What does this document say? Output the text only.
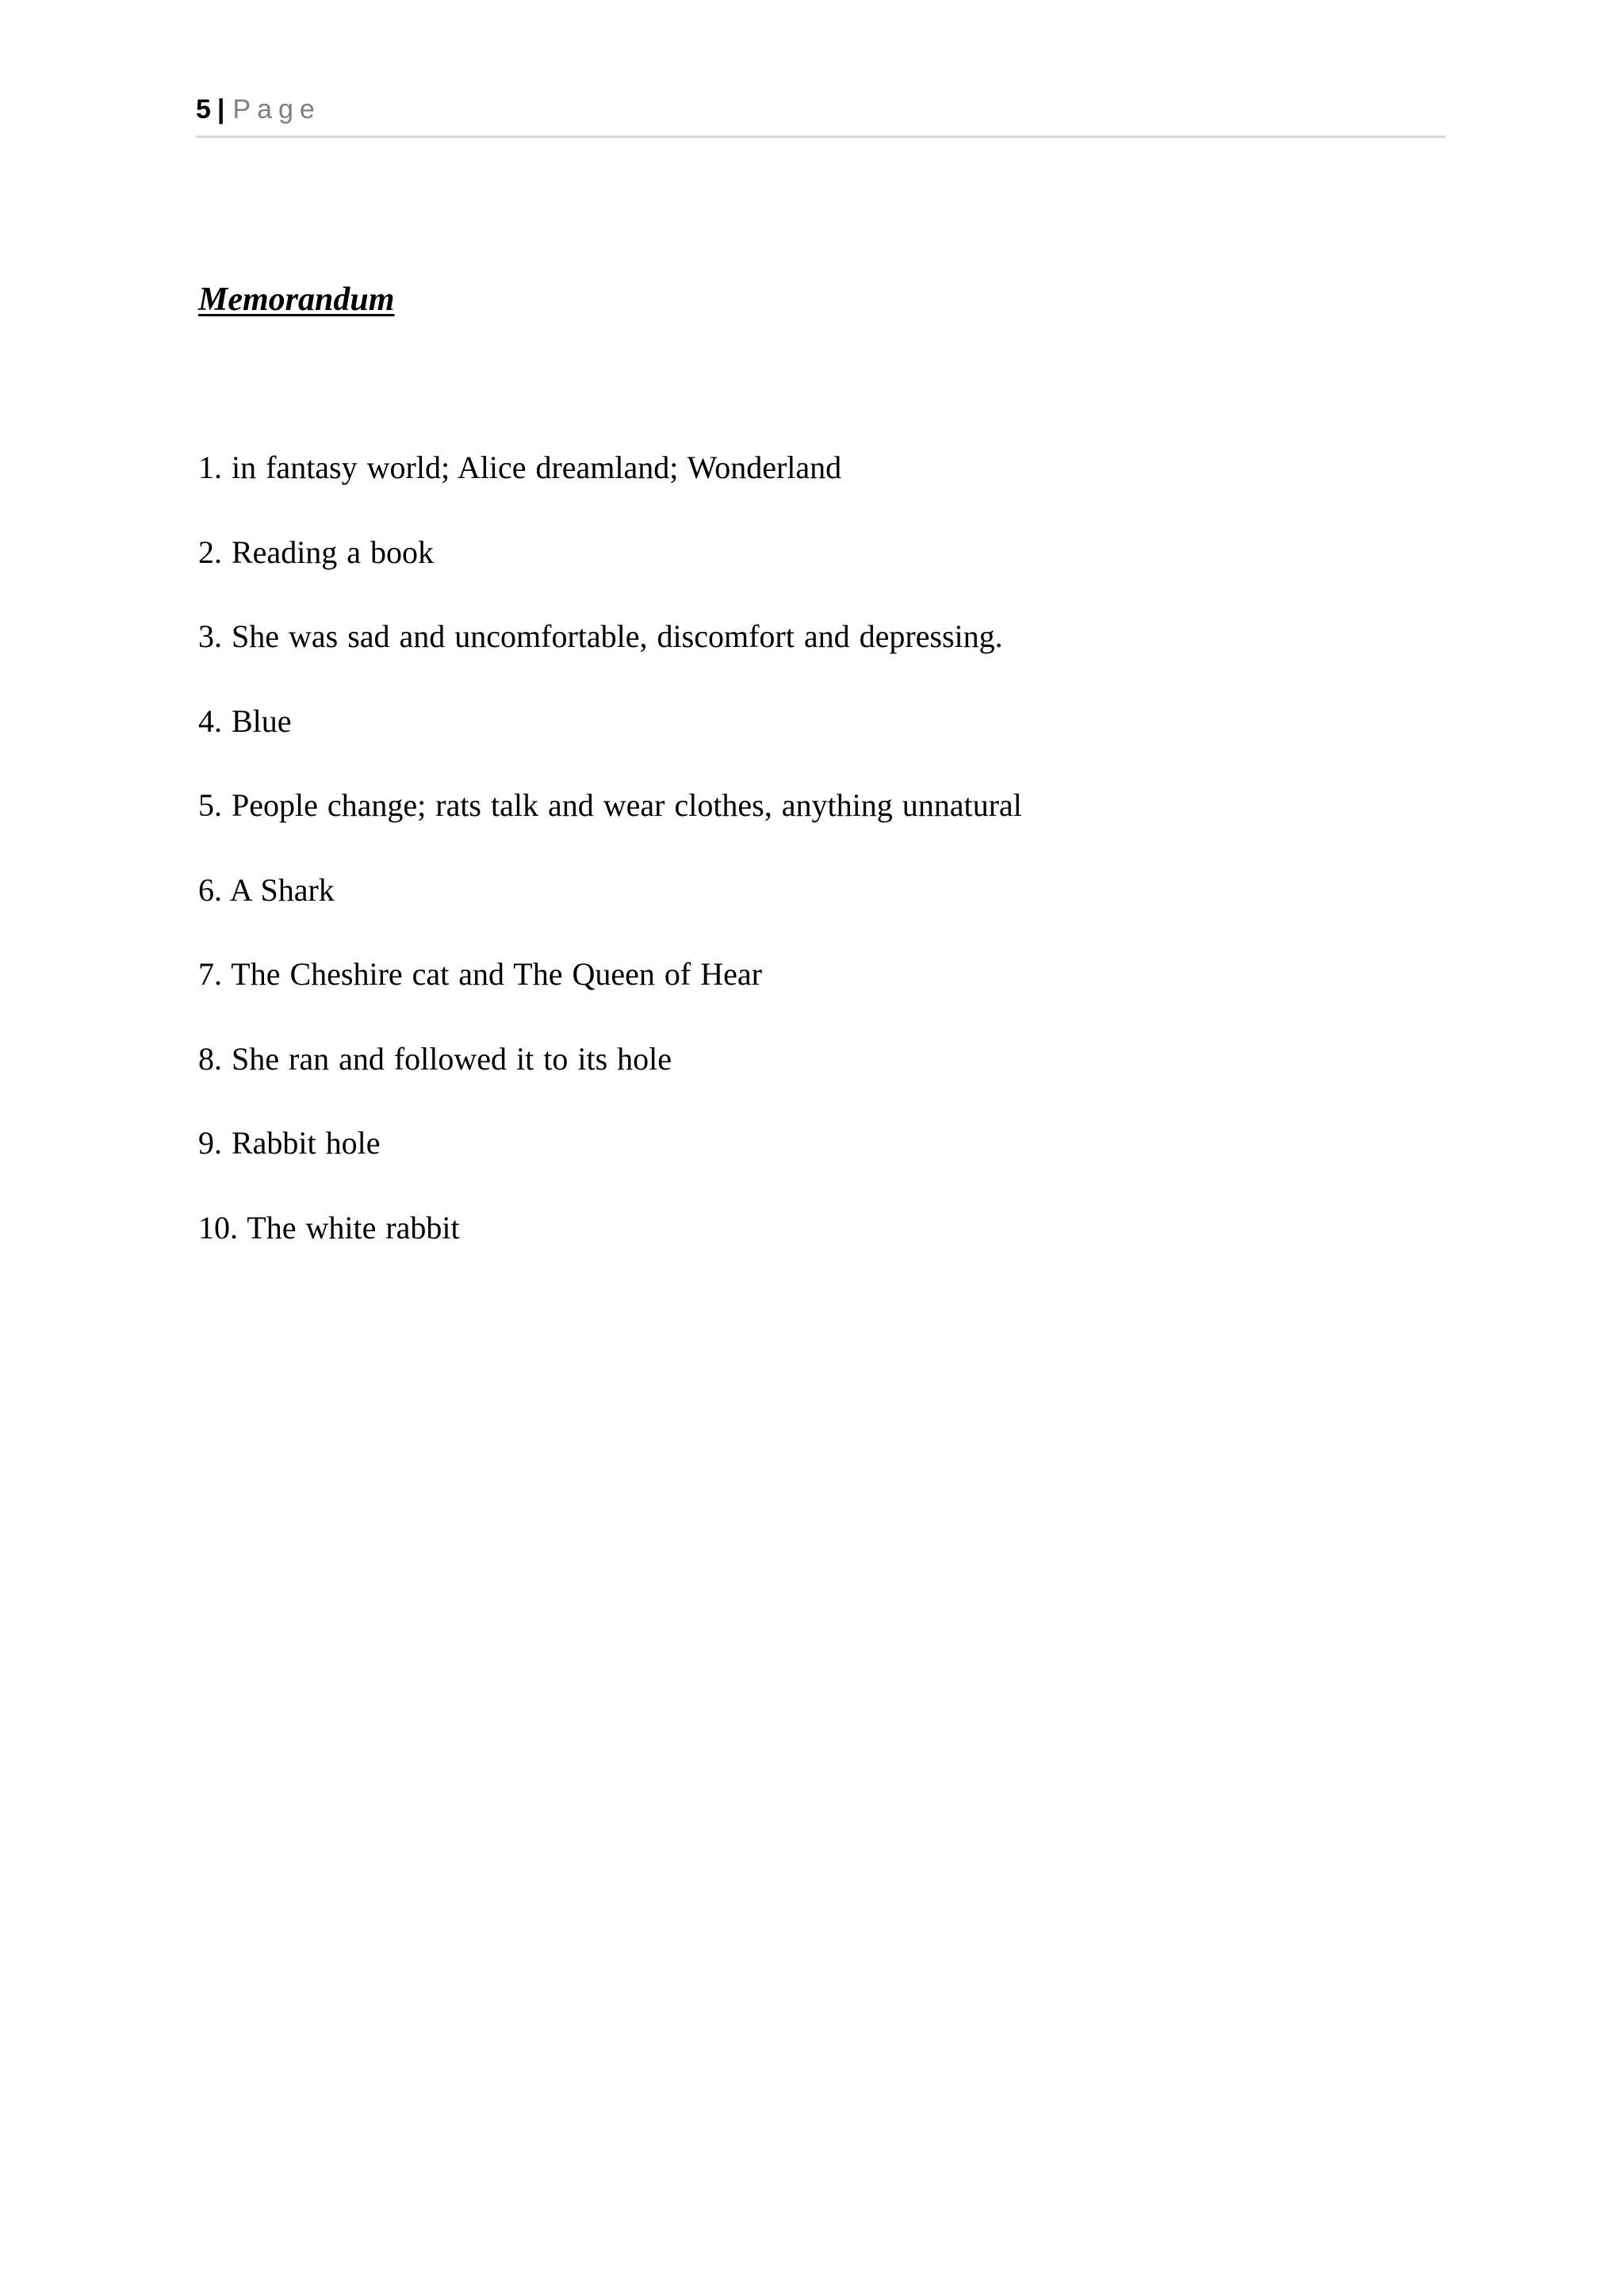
5 | Page
Memorandum
1. in fantasy world; Alice dreamland; Wonderland
2. Reading a book
3. She was sad and uncomfortable, discomfort and depressing.
4. Blue
5. People change; rats talk and wear clothes, anything unnatural
6. A Shark
7. The Cheshire cat and The Queen of Hear
8. She ran and followed it to its hole
9. Rabbit hole
10. The white rabbit
